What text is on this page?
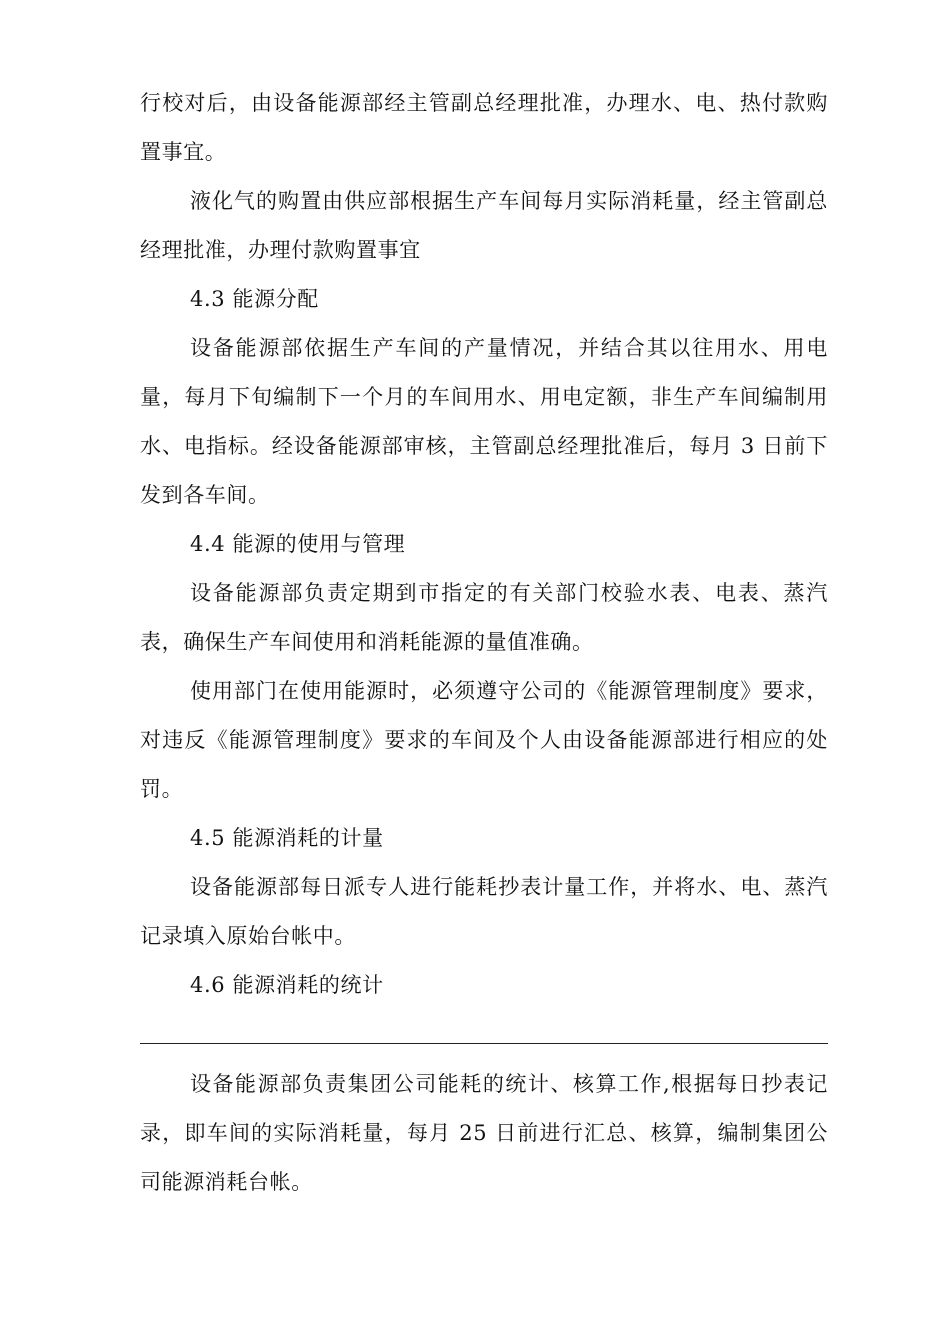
行校对后，由设备能源部经主管副总经理批准，办理水、电、热付款购置事宜。

液化气的购置由供应部根据生产车间每月实际消耗量，经主管副总经理批准，办理付款购置事宜

4.3 能源分配

设备能源部依据生产车间的产量情况，并结合其以往用水、用电量，每月下旬编制下一个月的车间用水、用电定额，非生产车间编制用水、电指标。经设备能源部审核，主管副总经理批准后，每月 3 日前下发到各车间。

4.4 能源的使用与管理

设备能源部负责定期到市指定的有关部门校验水表、电表、蒸汽表，确保生产车间使用和消耗能源的量值准确。

使用部门在使用能源时，必须遵守公司的《能源管理制度》要求，对违反《能源管理制度》要求的车间及个人由设备能源部进行相应的处罚。

4.5 能源消耗的计量

设备能源部每日派专人进行能耗抄表计量工作，并将水、电、蒸汽记录填入原始台帐中。

4.6 能源消耗的统计

设备能源部负责集团公司能耗的统计、核算工作,根据每日抄表记录，即车间的实际消耗量，每月 25 日前进行汇总、核算，编制集团公司能源消耗台帐。
